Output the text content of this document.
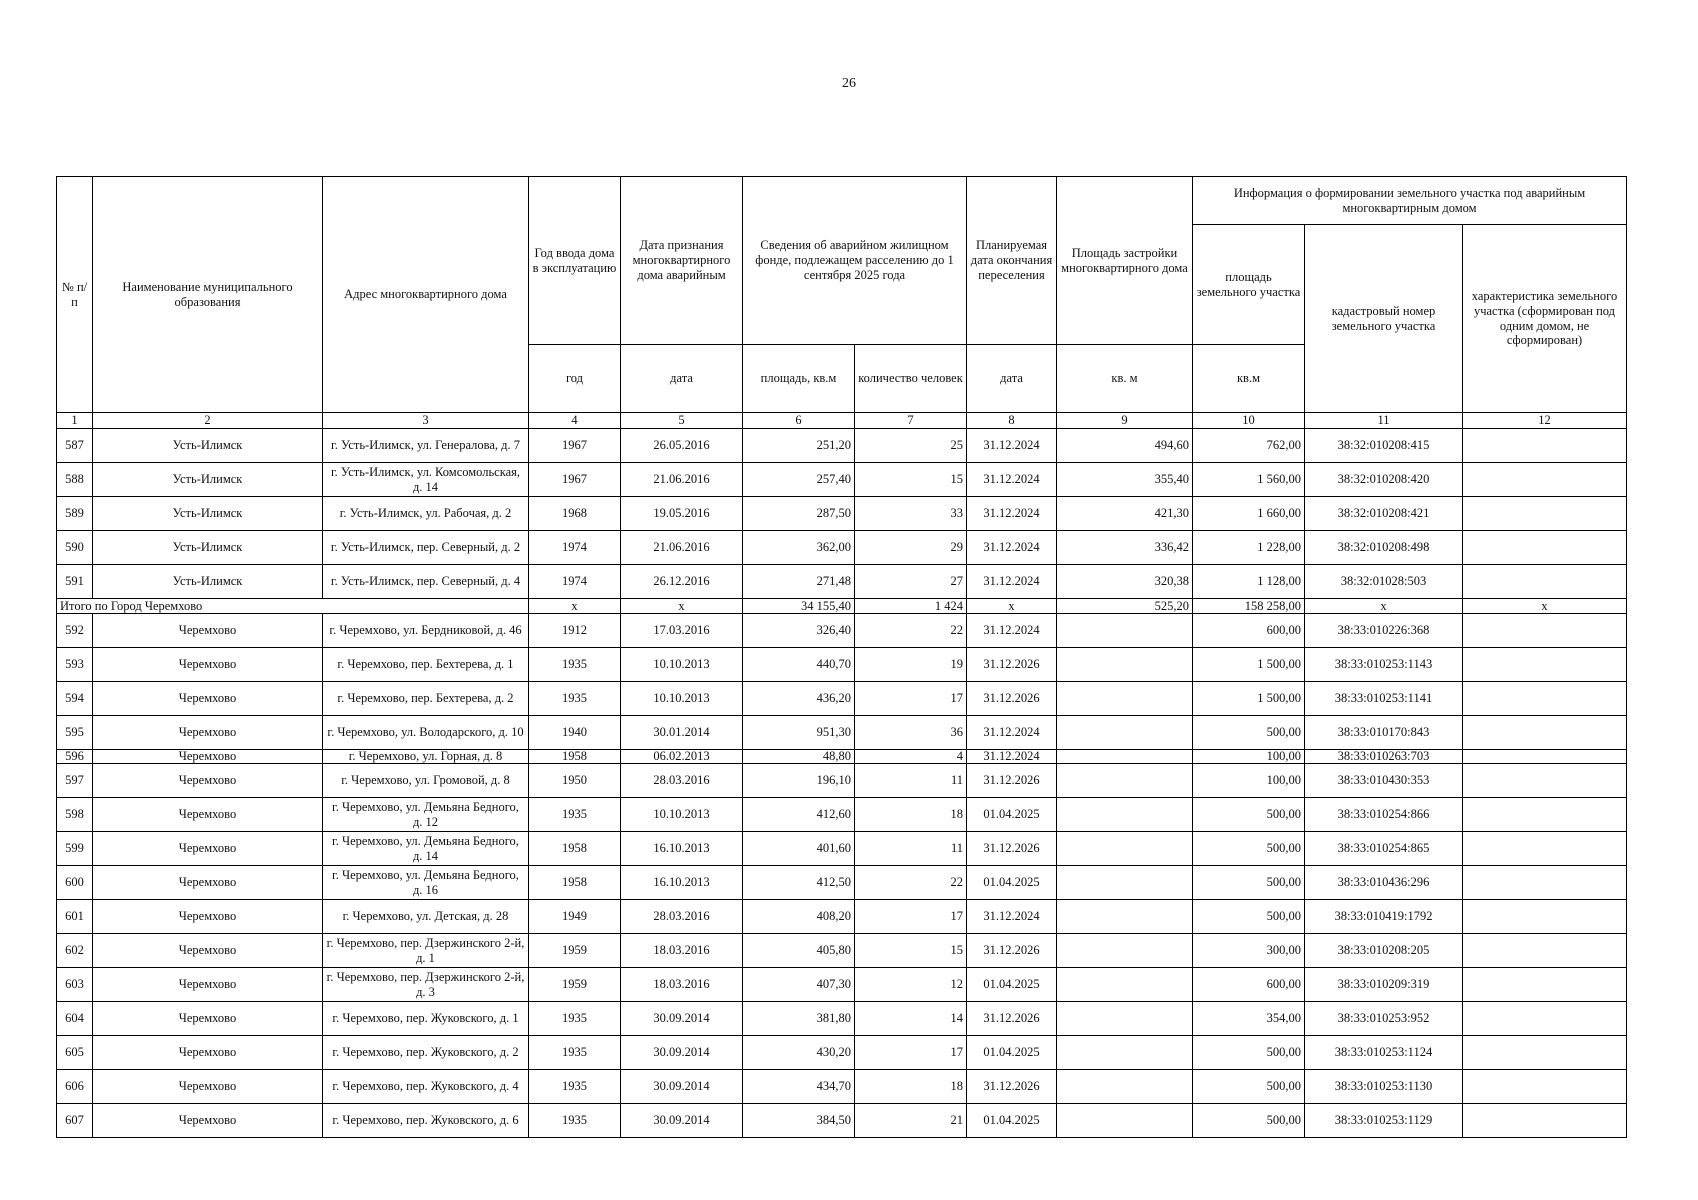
26
№ п/п	Наименование муниципального образования	Адрес многоквартирного дома	Год ввода дома в эксплуатацию	Дата признания многоквартирного дома аварийным	Сведения об аварийном жилищном фонде, подлежащем расселению до 1 сентября 2025 года		Планируемая дата окончания переселения	Площадь застройки многоквартирного дома	Информация о формировании земельного участка под аварийным многоквартирным домом		
									площадь земельного участка	кадастровый номер земельного участка	характеристика земельного участка (сформирован под одним домом, не сформирован)
			год	дата	площадь, кв.м	количество человек	дата	кв. м	кв.м		
1	2	3	4	5	6	7	8	9	10	11	12
587	Усть-Илимск	г. Усть-Илимск, ул. Генералова, д. 7	1967	26.05.2016	251,20	25	31.12.2024	494,60	762,00	38:32:010208:415	
588	Усть-Илимск	г. Усть-Илимск, ул. Комсомольская, д. 14	1967	21.06.2016	257,40	15	31.12.2024	355,40	1 560,00	38:32:010208:420	
589	Усть-Илимск	г. Усть-Илимск, ул. Рабочая, д. 2	1968	19.05.2016	287,50	33	31.12.2024	421,30	1 660,00	38:32:010208:421	
590	Усть-Илимск	г. Усть-Илимск, пер. Северный, д. 2	1974	21.06.2016	362,00	29	31.12.2024	336,42	1 228,00	38:32:010208:498	
591	Усть-Илимск	г. Усть-Илимск, пер. Северный, д. 4	1974	26.12.2016	271,48	27	31.12.2024	320,38	1 128,00	38:32:01028:503	
Итого по Город Черемхово			x	x	34 155,40	1 424	x	525,20	158 258,00	x	x
592	Черемхово	г. Черемхово, ул. Бердниковой, д. 46	1912	17.03.2016	326,40	22	31.12.2024		600,00	38:33:010226:368	
593	Черемхово	г. Черемхово, пер. Бехтерева, д. 1	1935	10.10.2013	440,70	19	31.12.2026		1 500,00	38:33:010253:1143	
594	Черемхово	г. Черемхово, пер. Бехтерева, д. 2	1935	10.10.2013	436,20	17	31.12.2026		1 500,00	38:33:010253:1141	
595	Черемхово	г. Черемхово, ул. Володарского, д. 10	1940	30.01.2014	951,30	36	31.12.2024		500,00	38:33:010170:843	
596	Черемхово	г. Черемхово, ул. Горная, д. 8	1958	06.02.2013	48,80	4	31.12.2024		100,00	38:33:010263:703	
597	Черемхово	г. Черемхово, ул. Громовой, д. 8	1950	28.03.2016	196,10	11	31.12.2026		100,00	38:33:010430:353	
598	Черемхово	г. Черемхово, ул. Демьяна Бедного, д. 12	1935	10.10.2013	412,60	18	01.04.2025		500,00	38:33:010254:866	
599	Черемхово	г. Черемхово, ул. Демьяна Бедного, д. 14	1958	16.10.2013	401,60	11	31.12.2026		500,00	38:33:010254:865	
600	Черемхово	г. Черемхово, ул. Демьяна Бедного, д. 16	1958	16.10.2013	412,50	22	01.04.2025		500,00	38:33:010436:296	
601	Черемхово	г. Черемхово, ул. Детская, д. 28	1949	28.03.2016	408,20	17	31.12.2024		500,00	38:33:010419:1792	
602	Черемхово	г. Черемхово, пер. Дзержинского 2-й, д. 1	1959	18.03.2016	405,80	15	31.12.2026		300,00	38:33:010208:205	
603	Черемхово	г. Черемхово, пер. Дзержинского 2-й, д. 3	1959	18.03.2016	407,30	12	01.04.2025		600,00	38:33:010209:319	
604	Черемхово	г. Черемхово, пер. Жуковского, д. 1	1935	30.09.2014	381,80	14	31.12.2026		354,00	38:33:010253:952	
605	Черемхово	г. Черемхово, пер. Жуковского, д. 2	1935	30.09.2014	430,20	17	01.04.2025		500,00	38:33:010253:1124	
606	Черемхово	г. Черемхово, пер. Жуковского, д. 4	1935	30.09.2014	434,70	18	31.12.2026		500,00	38:33:010253:1130	
607	Черемхово	г. Черемхово, пер. Жуковского, д. 6	1935	30.09.2014	384,50	21	01.04.2025		500,00	38:33:010253:1129	
